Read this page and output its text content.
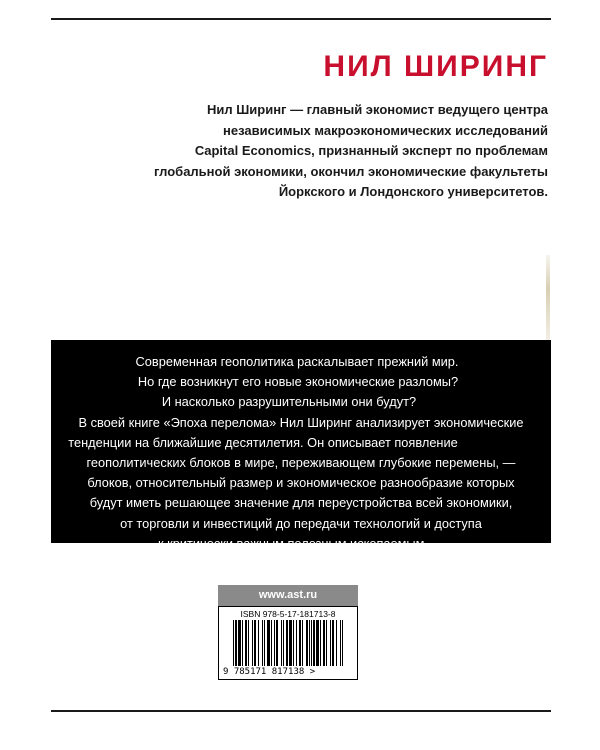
НИЛ ШИРИНГ
Нил Ширинг — главный экономист ведущего центра
независимых макроэкономических исследований
Capital Economics, признанный эксперт по проблемам
глобальной экономики, окончил экономические факультеты
Йоркского и Лондонского университетов.
Современная геополитика раскалывает прежний мир.
Но где возникнут его новые экономические разломы?
И насколько разрушительными они будут?
В своей книге «Эпоха перелома» Нил Ширинг анализирует экономические
тенденции на ближайшие десятилетия. Он описывает появление
геополитических блоков в мире, переживающем глубокие перемены, —
блоков, относительный размер и экономическое разнообразие которых
будут иметь решающее значение для переустройства всей экономики,
от торговли и инвестиций до передачи технологий и доступа
к критически важным полезным ископаемым.
www.ast.ru
ISBN 978-5-17-181713-8
9 785171 817138 >
